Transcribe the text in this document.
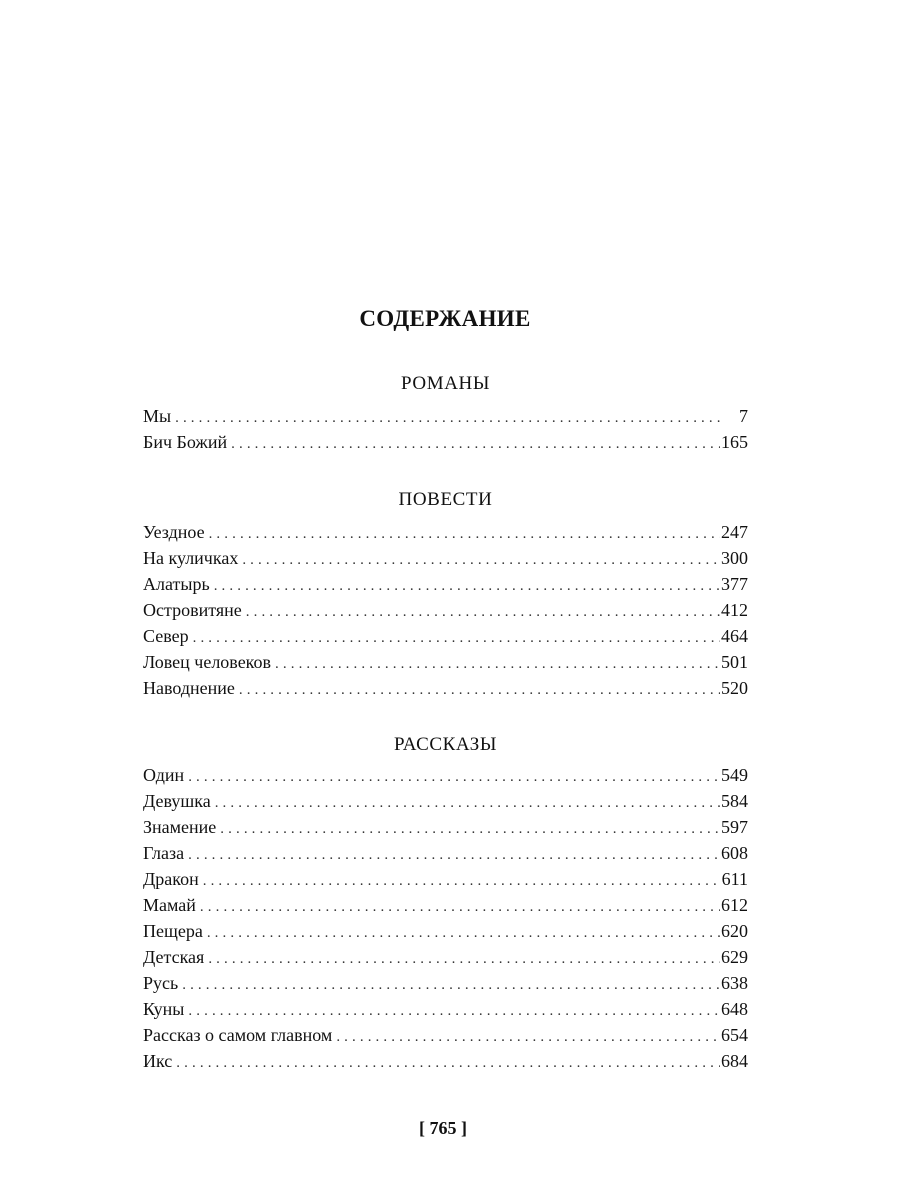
СОДЕРЖАНИЕ
РОМАНЫ
Мы .....	7
Бич Божий .....	165
ПОВЕСТИ
Уездное .....	247
На куличках .....	300
Алатырь .....	377
Островитяне .....	412
Север .....	464
Ловец человеков .....	501
Наводнение .....	520
РАССКАЗЫ
Один .....	549
Девушка .....	584
Знамение .....	597
Глаза .....	608
Дракон .....	611
Мамай .....	612
Пещера .....	620
Детская .....	629
Русь .....	638
Куны .....	648
Рассказ о самом главном .....	654
Икс .....	684
[ 765 ]
